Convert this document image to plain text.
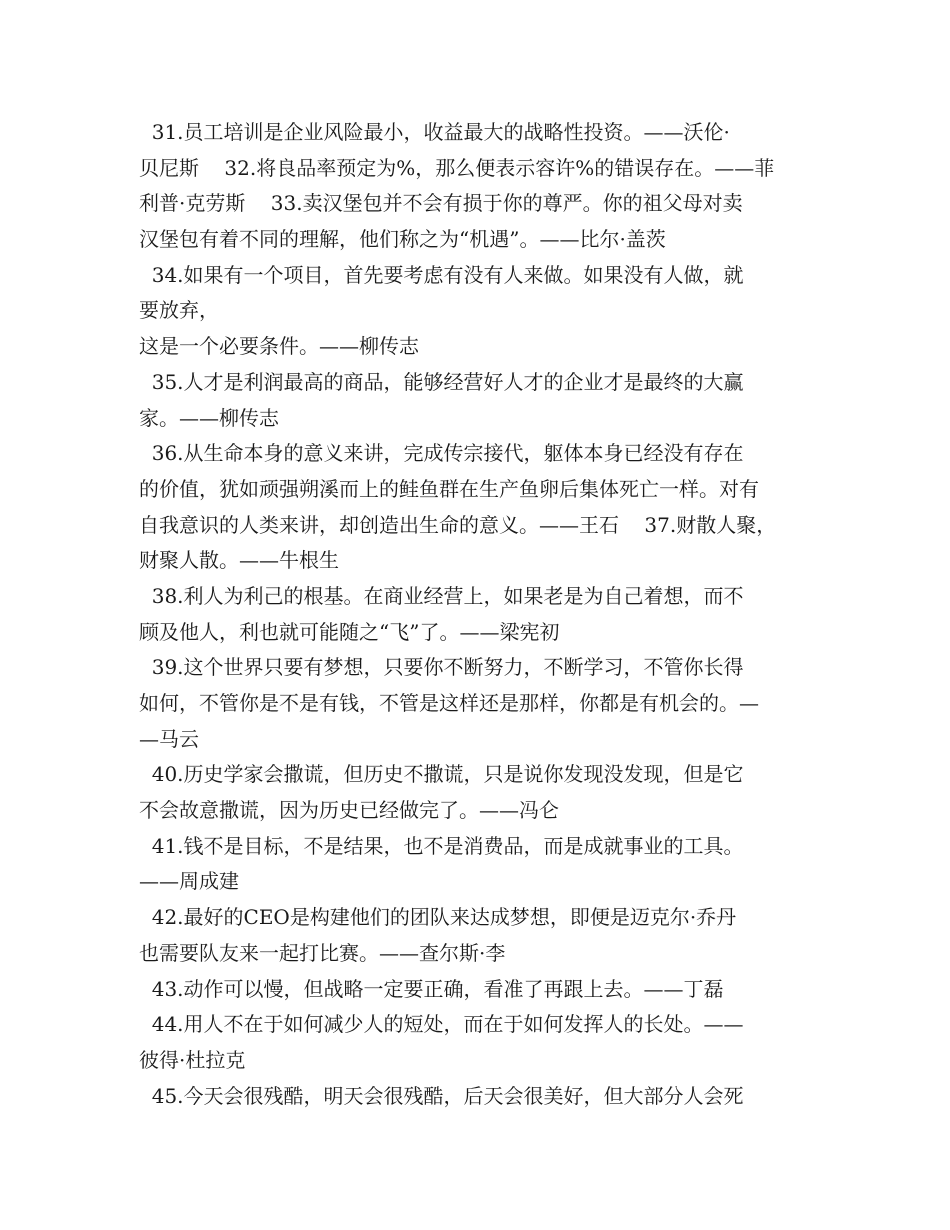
31.员工培训是企业风险最小，收益最大的战略性投资。——沃伦·
贝尼斯    32.将良品率预定为%，那么便表示容许%的错误存在。——菲
利普·克劳斯    33.卖汉堡包并不会有损于你的尊严。你的祖父母对卖
汉堡包有着不同的理解，他们称之为“机遇”。——比尔·盖茨
34.如果有一个项目，首先要考虑有没有人来做。如果没有人做，就
要放弃，
这是一个必要条件。——柳传志
35.人才是利润最高的商品，能够经营好人才的企业才是最终的大赢
家。——柳传志
36.从生命本身的意义来讲，完成传宗接代，躯体本身已经没有存在
的价值，犹如顽强朔溪而上的鲑鱼群在生产鱼卵后集体死亡一样。对有
自我意识的人类来讲，却创造出生命的意义。——王石    37.财散人聚，
财聚人散。——牛根生
38.利人为利己的根基。在商业经营上，如果老是为自己着想，而不
顾及他人，利也就可能随之“飞”了。——梁宪初
39.这个世界只要有梦想，只要你不断努力，不断学习，不管你长得
如何，不管你是不是有钱，不管是这样还是那样，你都是有机会的。—
—马云
40.历史学家会撒谎，但历史不撒谎，只是说你发现没发现，但是它
不会故意撒谎，因为历史已经做完了。——冯仑
41.钱不是目标，不是结果，也不是消费品，而是成就事业的工具。
——周成建
42.最好的CEO是构建他们的团队来达成梦想，即便是迈克尔·乔丹
也需要队友来一起打比赛。——查尔斯·李
43.动作可以慢，但战略一定要正确，看准了再跟上去。——丁磊
44.用人不在于如何减少人的短处，而在于如何发挥人的长处。——
彼得·杜拉克
45.今天会很残酷，明天会很残酷，后天会很美好，但大部分人会死
